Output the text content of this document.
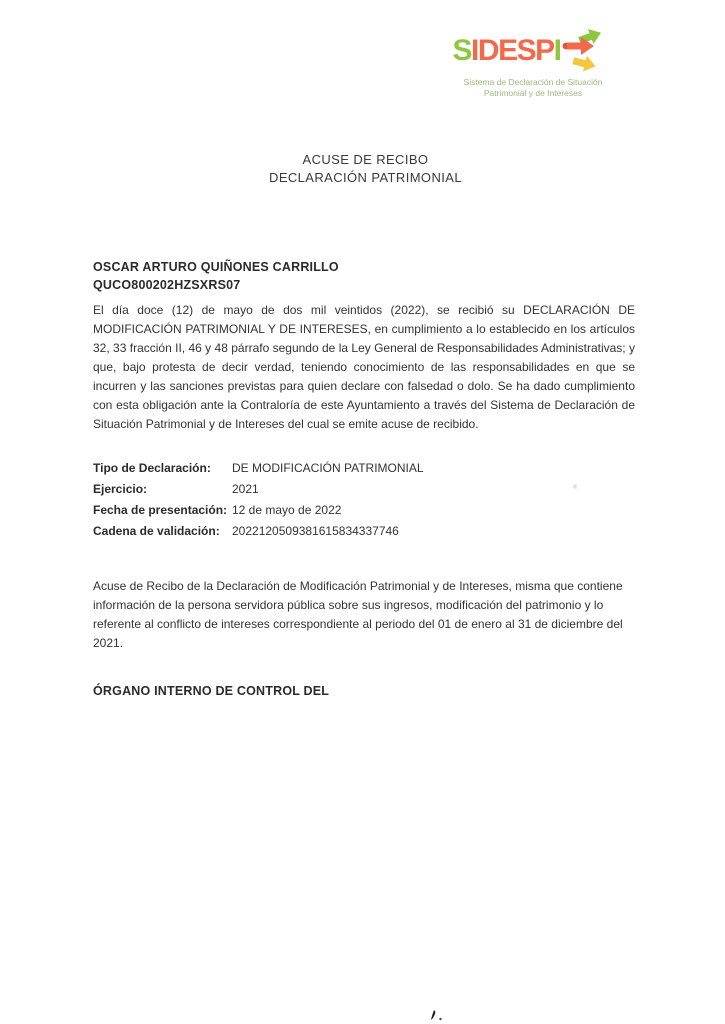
SIDESPI
Sistema de Declaración de Situación
Patrimonial y de Intereses
ACUSE DE RECIBO
DECLARACIÓN PATRIMONIAL
OSCAR ARTURO QUIÑONES CARRILLO
QUCO800202HZSXRS07
El día doce (12) de mayo de dos mil veintidos (2022), se recibió su DECLARACIÓN DE MODIFICACIÓN PATRIMONIAL Y DE INTERESES, en cumplimiento a lo establecido en los artículos 32, 33 fracción II, 46 y 48 párrafo segundo de la Ley General de Responsabilidades Administrativas; y que, bajo protesta de decir verdad, teniendo conocimiento de las responsabilidades en que se incurren y las sanciones previstas para quien declare con falsedad o dolo. Se ha dado cumplimiento con esta obligación ante la Contraloría de este Ayuntamiento a través del Sistema de Declaración de Situación Patrimonial y de Intereses del cual se emite acuse de recibido.
Tipo de Declaración:	DE MODIFICACIÓN PATRIMONIAL
Ejercicio:	2021
Fecha de presentación: 12 de mayo de 2022
Cadena de validación:	2022120509381615834337746
Acuse de Recibo de la Declaración de Modificación Patrimonial y de Intereses, misma que contiene información de la persona servidora pública sobre sus ingresos, modificación del patrimonio y lo referente al conflicto de intereses correspondiente al periodo del 01 de enero al 31 de diciembre del 2021.
ÓRGANO INTERNO DE CONTROL DEL
